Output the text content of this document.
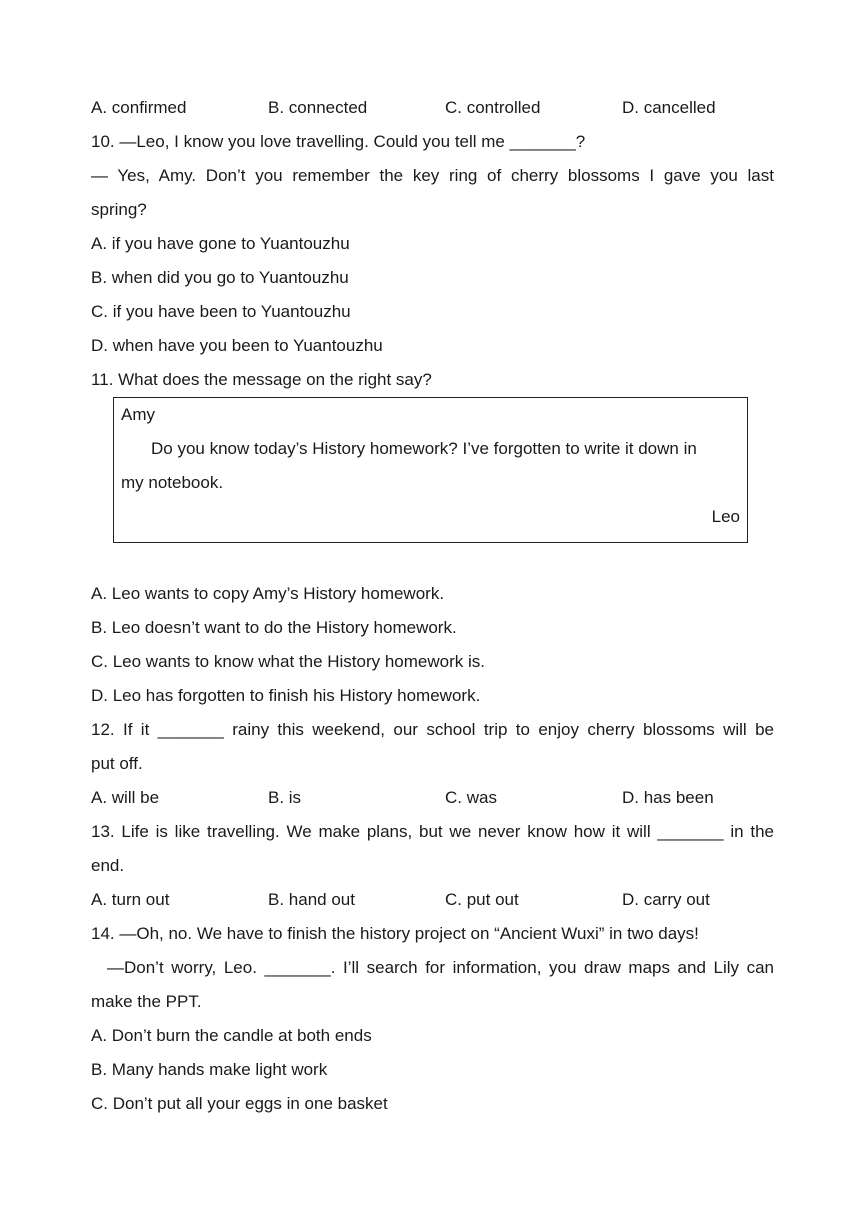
A. confirmed	B. connected	C. controlled	D. cancelled
10. —Leo, I know you love travelling. Could you tell me _______?
— Yes, Amy. Don’t you remember the key ring of cherry blossoms I gave you last
spring?
A. if you have gone to Yuantouzhu
B. when did you go to Yuantouzhu
C. if you have been to Yuantouzhu
D. when have you been to Yuantouzhu
11. What does the message on the right say?
Amy
Do you know today’s History homework? I’ve forgotten to write it down in
my notebook.
Leo
A. Leo wants to copy Amy’s History homework.
B. Leo doesn’t want to do the History homework.
C. Leo wants to know what the History homework is.
D. Leo has forgotten to finish his History homework.
12. If it _______ rainy this weekend, our school trip to enjoy cherry blossoms will be
put off.
A. will be	B. is	C. was	D. has been
13. Life is like travelling. We make plans, but we never know how it will _______ in the
end.
A. turn out	B. hand out	C. put out	D. carry out
14. —Oh, no. We have to finish the history project on “Ancient Wuxi” in two days!
—Don’t worry, Leo. _______. I’ll search for information, you draw maps and Lily can
make the PPT.
A. Don’t burn the candle at both ends
B. Many hands make light work
C. Don’t put all your eggs in one basket
